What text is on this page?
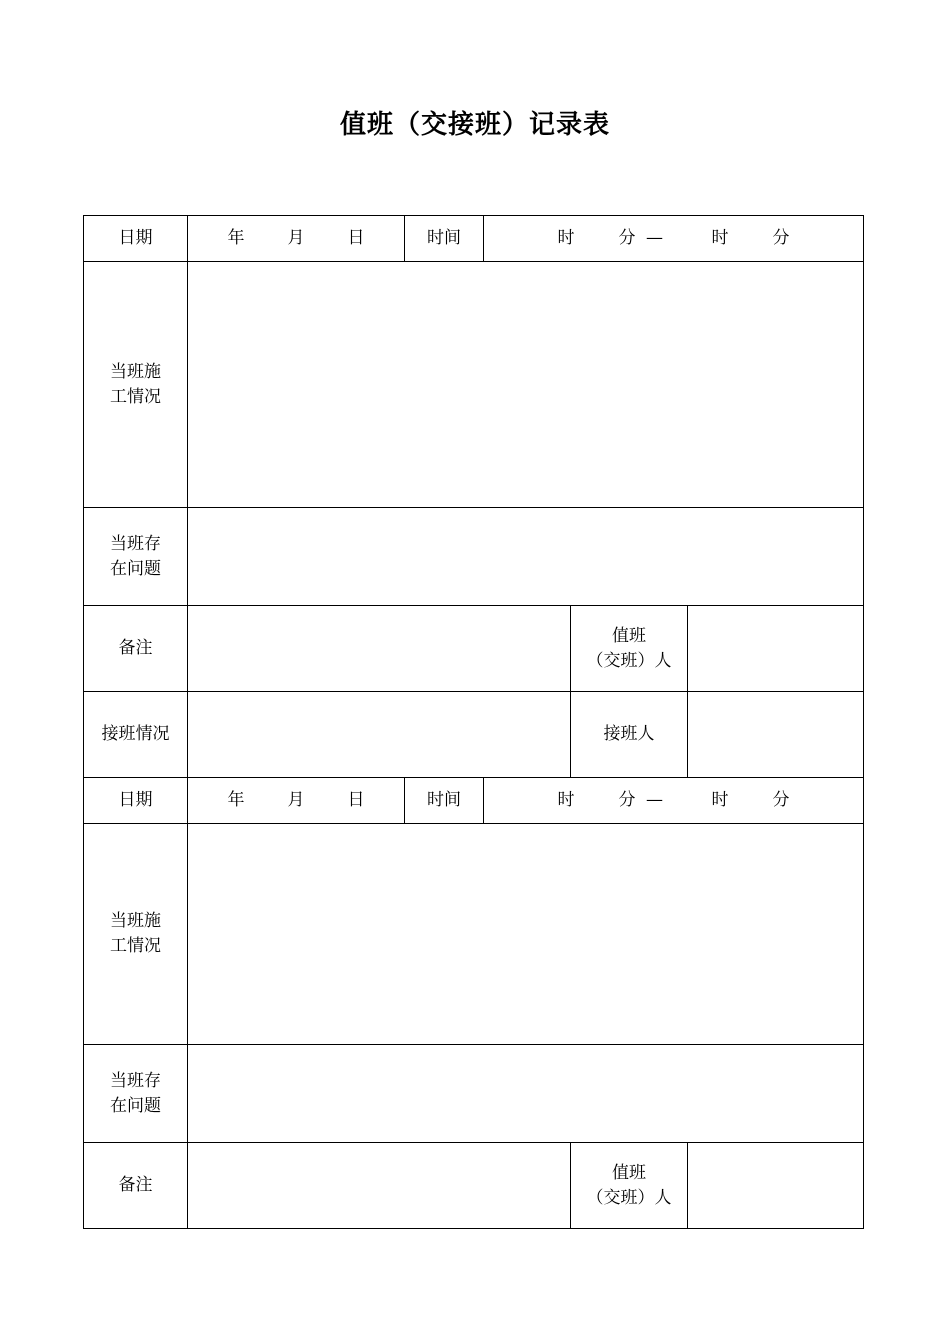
值班（交接班）记录表
日期	年 月 日	时间	时 分 — 时 分		

当班施
工情况					

当班存
在问题					

备注				值班
（交班）人	

接班情况				接班人	
日期	年 月 日	时间	时 分 — 时 分		

当班施
工情况					

当班存
在问题					

备注				值班
（交班）人	
